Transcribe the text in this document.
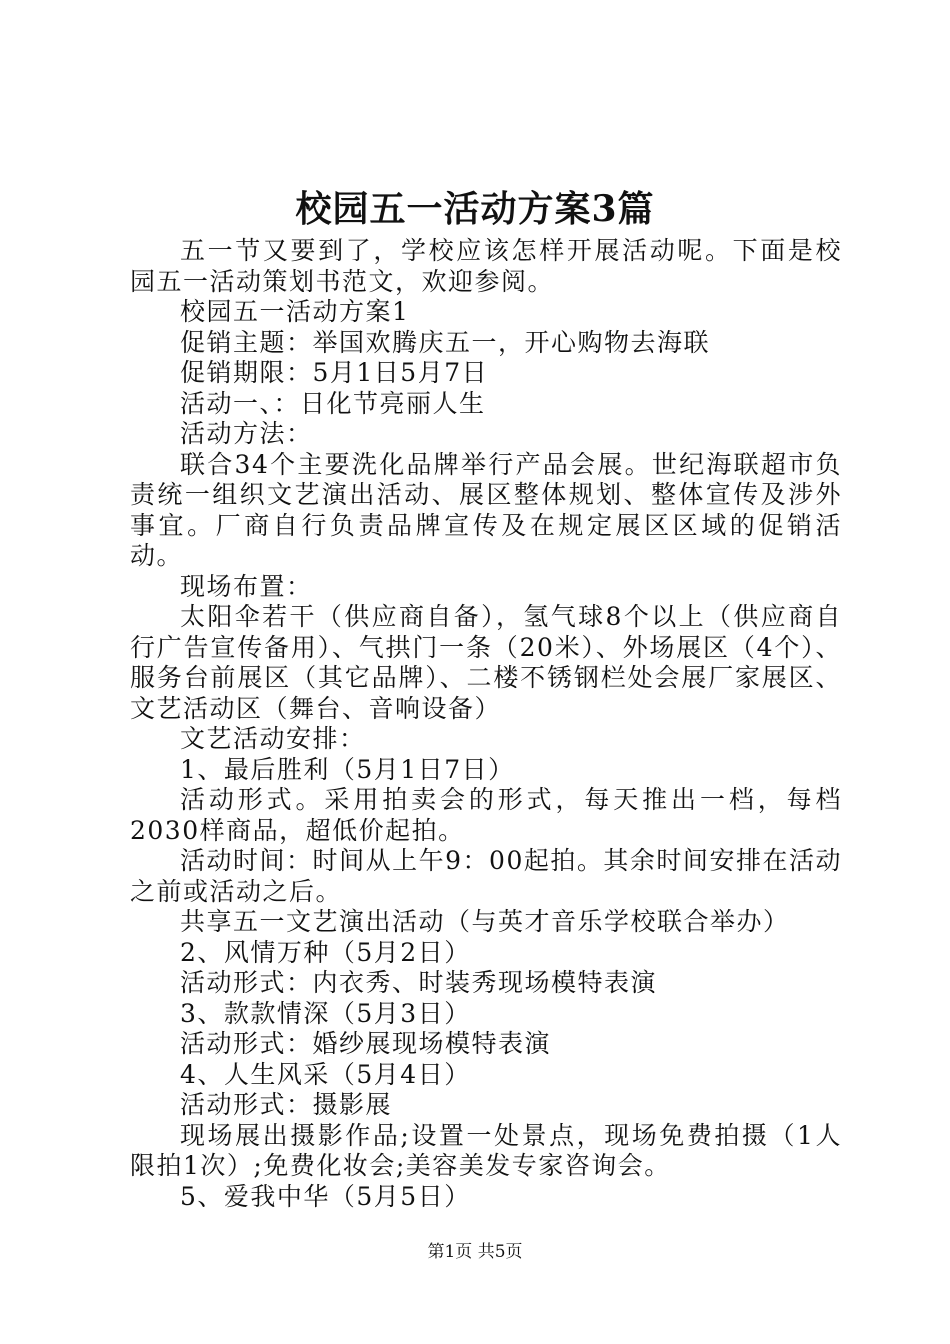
校园五一活动方案3篇

五一节又要到了，学校应该怎样开展活动呢。下面是校园五一活动策划书范文，欢迎参阅。

校园五一活动方案1

促销主题：举国欢腾庆五一，开心购物去海联

促销期限：5月1日5月7日

活动一、：日化节亮丽人生

活动方法：

联合34个主要洗化品牌举行产品会展。世纪海联超市负责统一组织文艺演出活动、展区整体规划、整体宣传及涉外事宜。厂商自行负责品牌宣传及在规定展区区域的促销活动。

现场布置：

太阳伞若干（供应商自备），氢气球8个以上（供应商自行广告宣传备用）、气拱门一条（20米）、外场展区（4个）、服务台前展区（其它品牌）、二楼不锈钢栏处会展厂家展区、文艺活动区（舞台、音响设备）

文艺活动安排：

1、最后胜利（5月1日7日）

活动形式。采用拍卖会的形式，每天推出一档，每档2030样商品，超低价起拍。

活动时间：时间从上午9：00起拍。其余时间安排在活动之前或活动之后。

共享五一文艺演出活动（与英才音乐学校联合举办）

2、风情万种（5月2日）

活动形式：内衣秀、时装秀现场模特表演

3、款款情深（5月3日）

活动形式：婚纱展现场模特表演

4、人生风采（5月4日）

活动形式：摄影展

现场展出摄影作品;设置一处景点，现场免费拍摄（1人限拍1次）;免费化妆会;美容美发专家咨询会。

5、爱我中华（5月5日）

第1页 共5页
